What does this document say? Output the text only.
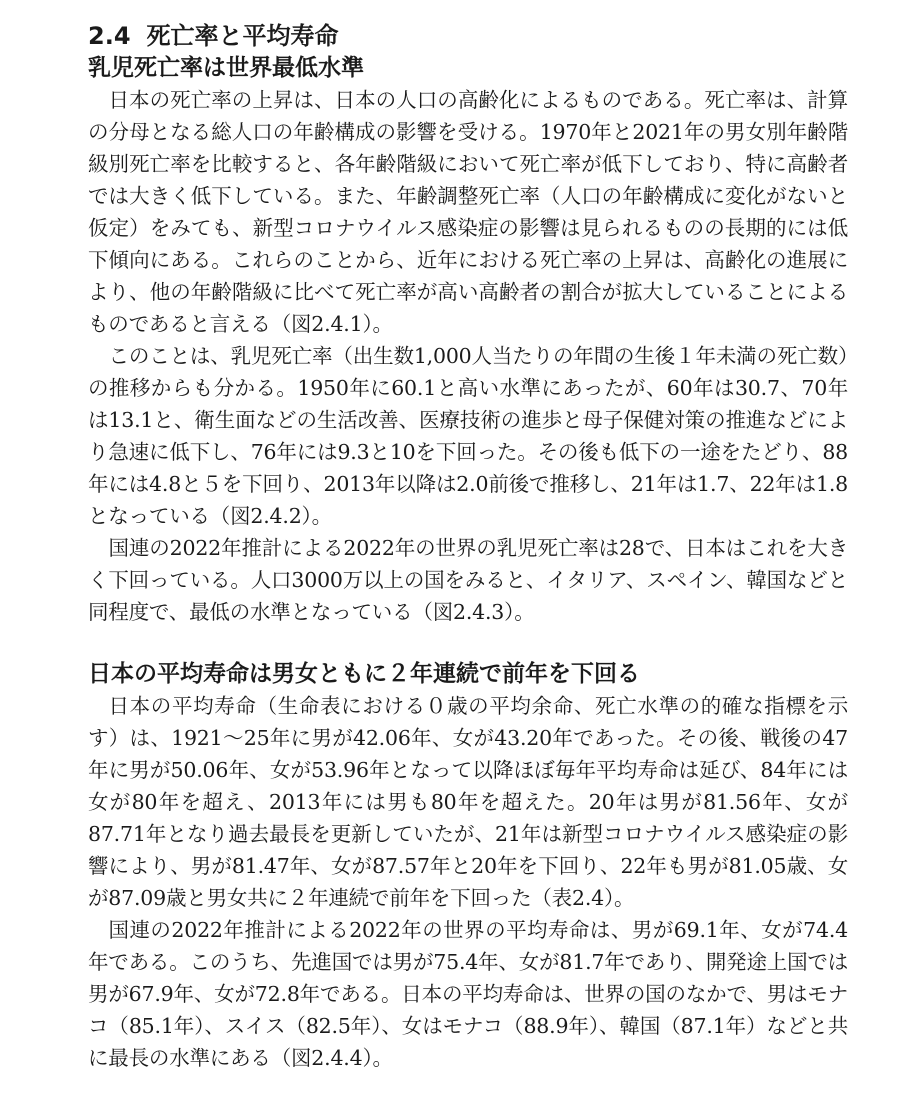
2.4 死亡率と平均寿命
乳児死亡率は世界最低水準

日本の死亡率の上昇は、日本の人口の高齢化によるものである。死亡率は、計算の分母となる総人口の年齢構成の影響を受ける。1970年と2021年の男女別年齢階級別死亡率を比較すると、各年齢階級において死亡率が低下しており、特に高齢者では大きく低下している。また、年齢調整死亡率（人口の年齢構成に変化がないと仮定）をみても、新型コロナウイルス感染症の影響は見られるものの長期的には低下傾向にある。これらのことから、近年における死亡率の上昇は、高齢化の進展により、他の年齢階級に比べて死亡率が高い高齢者の割合が拡大していることによるものであると言える（図2.4.1）。

このことは、乳児死亡率（出生数1,000人当たりの年間の生後１年未満の死亡数）の推移からも分かる。1950年に60.1と高い水準にあったが、60年は30.7、70年は13.1と、衛生面などの生活改善、医療技術の進歩と母子保健対策の推進などにより急速に低下し、76年には9.3と10を下回った。その後も低下の一途をたどり、88年には4.8と５を下回り、2013年以降は2.0前後で推移し、21年は1.7、22年は1.8となっている（図2.4.2）。

国連の2022年推計による2022年の世界の乳児死亡率は28で、日本はこれを大きく下回っている。人口3000万以上の国をみると、イタリア、スペイン、韓国などと同程度で、最低の水準となっている（図2.4.3）。

日本の平均寿命は男女ともに２年連続で前年を下回る

日本の平均寿命（生命表における０歳の平均余命、死亡水準の的確な指標を示す）は、1921～25年に男が42.06年、女が43.20年であった。その後、戦後の47年に男が50.06年、女が53.96年となって以降ほぼ毎年平均寿命は延び、84年には女が80年を超え、2013年には男も80年を超えた。20年は男が81.56年、女が87.71年となり過去最長を更新していたが、21年は新型コロナウイルス感染症の影響により、男が81.47年、女が87.57年と20年を下回り、22年も男が81.05歳、女が87.09歳と男女共に２年連続で前年を下回った（表2.4）。

国連の2022年推計による2022年の世界の平均寿命は、男が69.1年、女が74.4年である。このうち、先進国では男が75.4年、女が81.7年であり、開発途上国では男が67.9年、女が72.8年である。日本の平均寿命は、世界の国のなかで、男はモナコ（85.1年）、スイス（82.5年）、女はモナコ（88.9年）、韓国（87.1年）などと共に最長の水準にある（図2.4.4）。
